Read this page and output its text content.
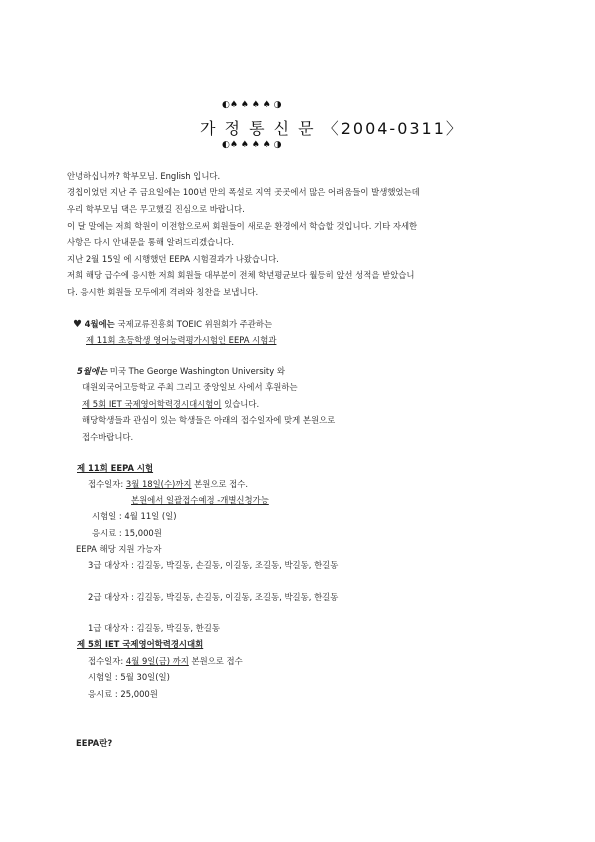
◐♠ ♠ ♠ ♠ ◑
가 정 통 신 문 〈2004-0311〉
◐♠ ♠ ♠ ♠ ◑
안녕하십니까? 학부모님. English 입니다.
경칩이었던 지난 주 금요일에는 100년 만의 폭설로 지역 곳곳에서 많은 어려움들이 발생했었는데
우리 학부모님 댁은 무고했길 진심으로 바랍니다.
이 달 말에는 저희 학원이 이전함으로써 회원들이 새로운 환경에서 학습할 것입니다. 기타 자세한
사항은 다시 안내문을 통해 알려드리겠습니다.
지난 2월 15일 에 시행했던 EEPA 시험결과가 나왔습니다.
저희 해당 급수에 응시한 저희 회원들 대부분이 전체 학년평균보다 월등히 앞선 성적을 받았습니
다. 응시한 회원들 모두에게 격려와 칭찬을 보냅니다.
♥ 4월에는 국제교류진흥회 TOEIC 위원회가 주관하는
제 11회 초등학생 영어능력평가시험인 EEPA 시험과
5월에는 미국 The George Washington University 와
대원외국어고등학교 주최 그리고 중앙일보 사에서 후원하는
제 5회 IET 국제영어학력경시대시험이 있습니다.
해당학생들과 관심이 있는 학생들은 아래의 접수일자에 맞게 본원으로
접수바랍니다.
제 11회 EEPA 시험
접수일자: 3월 18일(수)까지 본원으로 접수.
본원에서 일괄접수예정 -개별신청가능
시험일 : 4월 11일 (일)
응시료 : 15,000원
EEPA 해당 지원 가능자
3급 대상자 : 김길동, 박길동, 손길동, 이길동, 조길동, 박길동, 한길동
2급 대상자 : 김길동, 박길동, 손길동, 이길동, 조길동, 박길동, 한길동
1급 대상자 : 김길동, 박길동, 한길동
제 5회 IET 국제영어학력경시대회
접수일자: 4월 9일(금) 까지 본원으로 접수
시험일 : 5월 30일(일)
응시료 : 25,000원
EEPA란?
